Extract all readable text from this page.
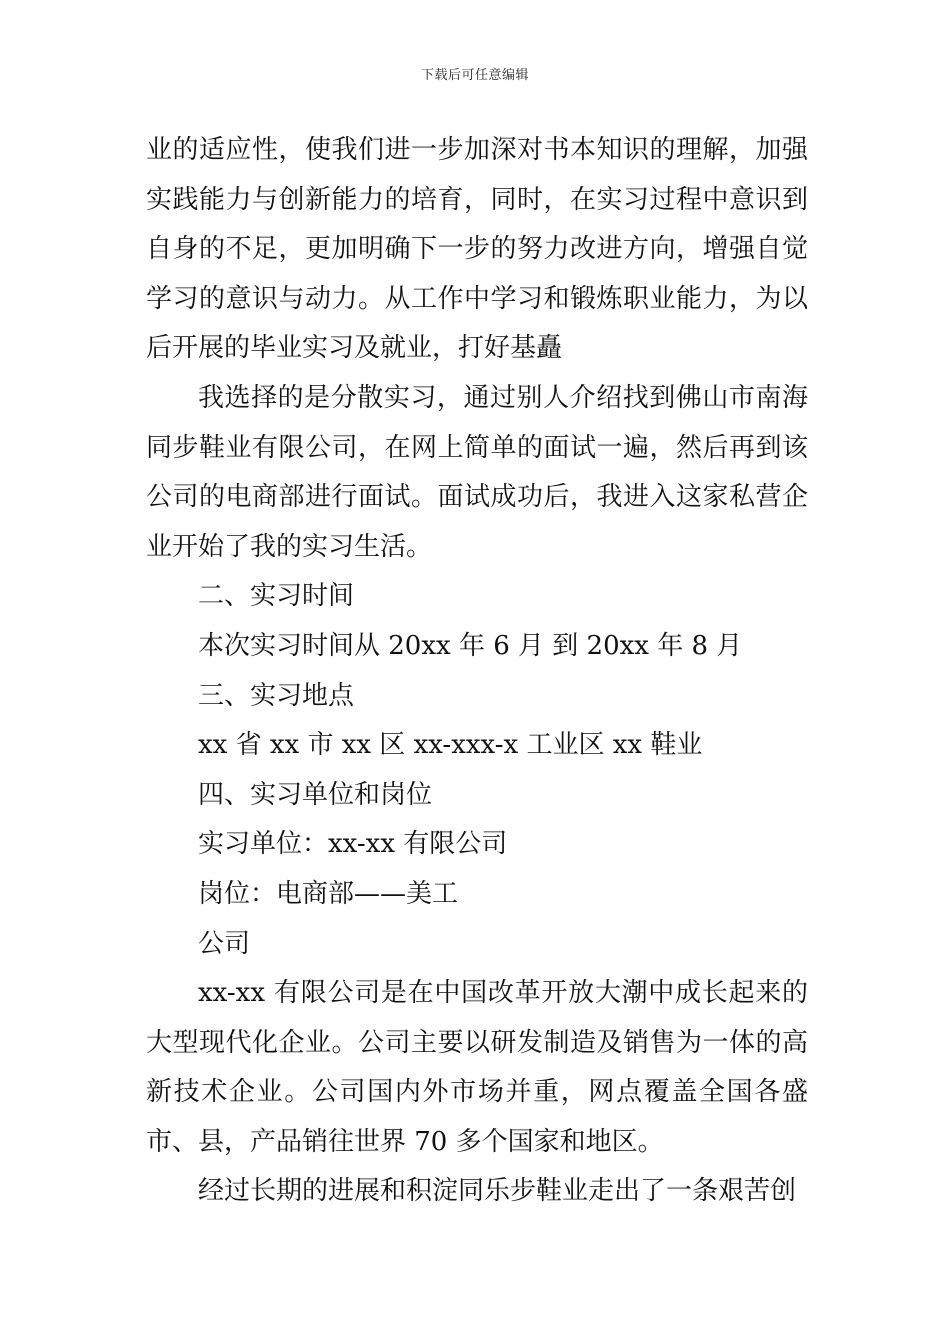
下载后可任意编辑

业的适应性，使我们进一步加深对书本知识的理解，加强实践能力与创新能力的培育，同时，在实习过程中意识到自身的不足，更加明确下一步的努力改进方向，增强自觉学习的意识与动力。从工作中学习和锻炼职业能力，为以后开展的毕业实习及就业，打好基矗

我选择的是分散实习，通过别人介绍找到佛山市南海同步鞋业有限公司，在网上简单的面试一遍，然后再到该公司的电商部进行面试。面试成功后，我进入这家私营企业开始了我的实习生活。

二、实习时间

本次实习时间从 20xx 年 6 月 到 20xx 年 8 月

三、实习地点

xx 省 xx 市 xx 区 xx-xxx-x 工业区 xx 鞋业

四、实习单位和岗位

实习单位：xx-xx 有限公司

岗位：电商部——美工

公司

xx-xx 有限公司是在中国改革开放大潮中成长起来的大型现代化企业。公司主要以研发制造及销售为一体的高新技术企业。公司国内外市场并重，网点覆盖全国各盛市、县，产品销往世界 70 多个国家和地区。

经过长期的进展和积淀同乐步鞋业走出了一条艰苦创
